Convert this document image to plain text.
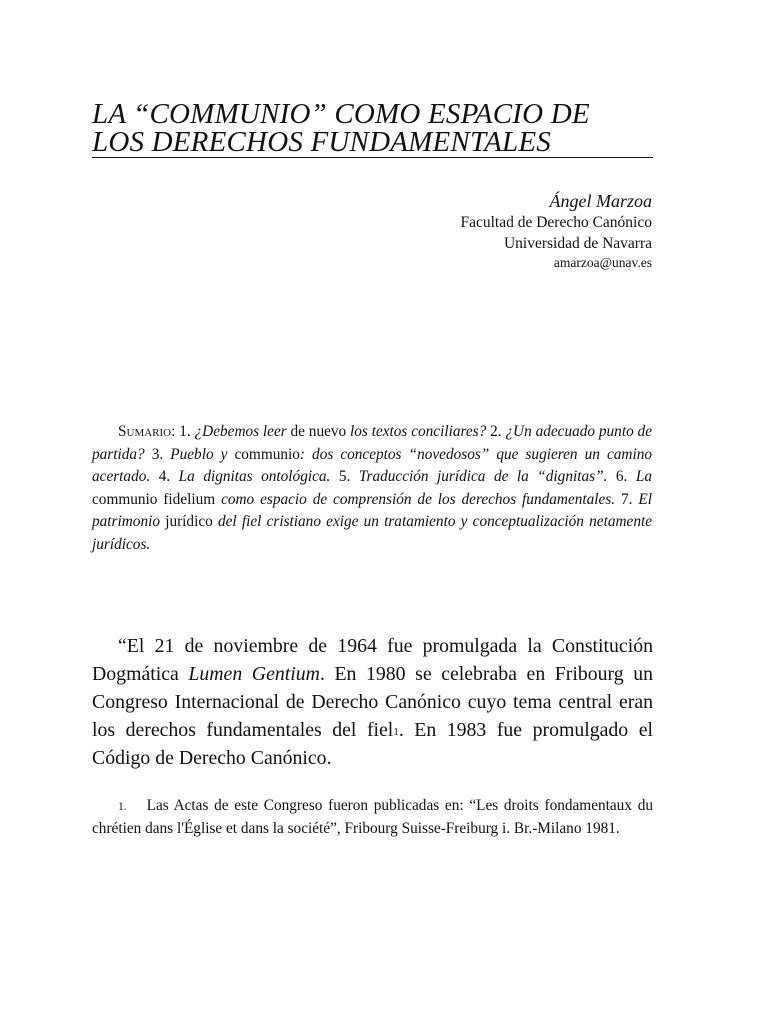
LA “COMMUNIO” COMO ESPACIO DE
LOS DERECHOS FUNDAMENTALES
Ángel Marzoa
Facultad de Derecho Canónico
Universidad de Navarra
amarzoa@unav.es

Sumario: 1. ¿Debemos leer de nuevo los textos conciliares? 2. ¿Un adecuado punto de partida? 3. Pueblo y communio: dos conceptos “novedosos” que sugieren un camino acertado. 4. La dignitas ontológica. 5. Traducción jurídica de la “dignitas”. 6. La communio fidelium como espacio de comprensión de los derechos fundamentales. 7. El patrimonio jurídico del fiel cristiano exige un tratamiento y conceptualización netamente jurídicos.

“El 21 de noviembre de 1964 fue promulgada la Constitución Dogmática Lumen Gentium. En 1980 se celebraba en Fribourg un Congreso Internacional de Derecho Canónico cuyo tema central eran los derechos fundamentales del fiel$^1$. En 1983 fue promulgado el Código de Derecho Canónico.

1. Las Actas de este Congreso fueron publicadas en: “Les droits fondamentaux du chrétien dans l'Église et dans la société”, Fribourg Suisse-Freiburg i. Br.-Milano 1981.
